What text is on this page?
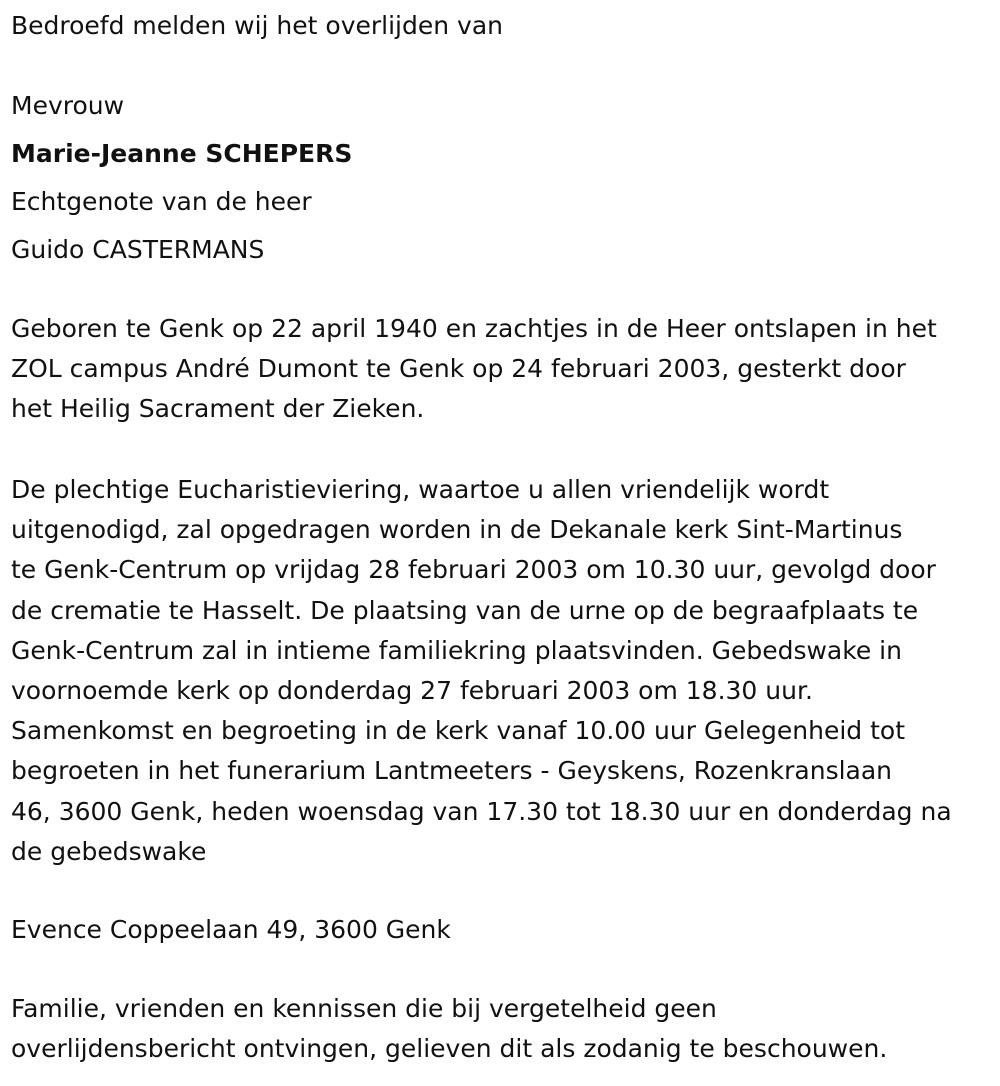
Bedroefd melden wij het overlijden van
Mevrouw
Marie-Jeanne SCHEPERS
Echtgenote van de heer
Guido CASTERMANS
Geboren te Genk op 22 april 1940 en zachtjes in de Heer ontslapen in het
ZOL campus André Dumont te Genk op 24 februari 2003, gesterkt door
het Heilig Sacrament der Zieken.
De plechtige Eucharistieviering, waartoe u allen vriendelijk wordt
uitgenodigd, zal opgedragen worden in de Dekanale kerk Sint-Martinus
te Genk-Centrum op vrijdag 28 februari 2003 om 10.30 uur, gevolgd door
de crematie te Hasselt. De plaatsing van de urne op de begraafplaats te
Genk-Centrum zal in intieme familiekring plaatsvinden. Gebedswake in
voornoemde kerk op donderdag 27 februari 2003 om 18.30 uur.
Samenkomst en begroeting in de kerk vanaf 10.00 uur Gelegenheid tot
begroeten in het funerarium Lantmeeters - Geyskens, Rozenkranslaan
46, 3600 Genk, heden woensdag van 17.30 tot 18.30 uur en donderdag na
de gebedswake
Evence Coppeelaan 49, 3600 Genk
Familie, vrienden en kennissen die bij vergetelheid geen
overlijdensbericht ontvingen, gelieven dit als zodanig te beschouwen.
